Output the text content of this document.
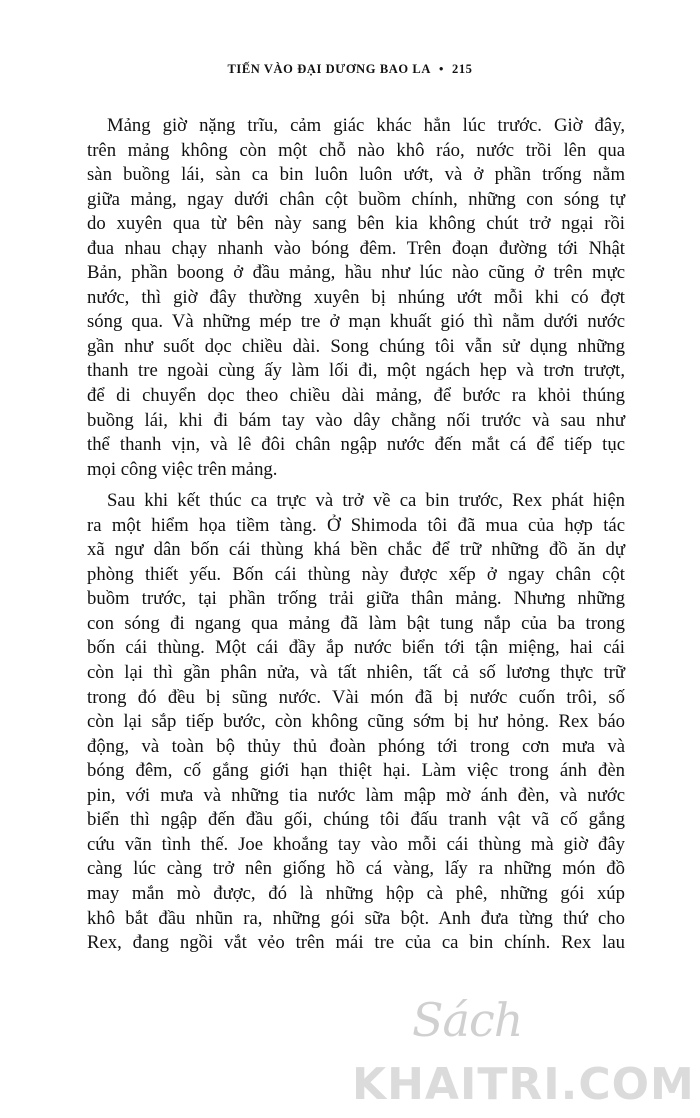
TIẾN VÀO ĐẠI DƯƠNG BAO LA • 215

Mảng giờ nặng trĩu, cảm giác khác hẳn lúc trước. Giờ đây,
trên mảng không còn một chỗ nào khô ráo, nước trồi lên qua
sàn buồng lái, sàn ca bin luôn luôn ướt, và ở phần trống nằm
giữa mảng, ngay dưới chân cột buồm chính, những con sóng tự
do xuyên qua từ bên này sang bên kia không chút trở ngại rồi
đua nhau chạy nhanh vào bóng đêm. Trên đoạn đường tới Nhật
Bản, phần boong ở đầu mảng, hầu như lúc nào cũng ở trên mực
nước, thì giờ đây thường xuyên bị nhúng ướt mỗi khi có đợt
sóng qua. Và những mép tre ở mạn khuất gió thì nằm dưới nước
gần như suốt dọc chiều dài. Song chúng tôi vẫn sử dụng những
thanh tre ngoài cùng ấy làm lối đi, một ngách hẹp và trơn trượt,
để di chuyển dọc theo chiều dài mảng, để bước ra khỏi thúng
buồng lái, khi đi bám tay vào dây chằng nối trước và sau như
thể thanh vịn, và lê đôi chân ngập nước đến mắt cá để tiếp tục
mọi công việc trên mảng.

Sau khi kết thúc ca trực và trở về ca bin trước, Rex phát hiện
ra một hiểm họa tiềm tàng. Ở Shimoda tôi đã mua của hợp tác
xã ngư dân bốn cái thùng khá bền chắc để trữ những đồ ăn dự
phòng thiết yếu. Bốn cái thùng này được xếp ở ngay chân cột
buồm trước, tại phần trống trải giữa thân mảng. Nhưng những
con sóng đi ngang qua mảng đã làm bật tung nắp của ba trong
bốn cái thùng. Một cái đầy ắp nước biển tới tận miệng, hai cái
còn lại thì gần phân nửa, và tất nhiên, tất cả số lương thực trữ
trong đó đều bị sũng nước. Vài món đã bị nước cuốn trôi, số
còn lại sắp tiếp bước, còn không cũng sớm bị hư hỏng. Rex báo
động, và toàn bộ thủy thủ đoàn phóng tới trong cơn mưa và
bóng đêm, cố gắng giới hạn thiệt hại. Làm việc trong ánh đèn
pin, với mưa và những tia nước làm mập mờ ánh đèn, và nước
biển thì ngập đến đầu gối, chúng tôi đấu tranh vật vã cố gắng
cứu vãn tình thế. Joe khoắng tay vào mỗi cái thùng mà giờ đây
càng lúc càng trở nên giống hồ cá vàng, lấy ra những món đồ
may mắn mò được, đó là những hộp cà phê, những gói xúp
khô bắt đầu nhũn ra, những gói sữa bột. Anh đưa từng thứ cho
Rex, đang ngồi vắt vẻo trên mái tre của ca bin chính. Rex lau

Sách
KHAITRI.COM
